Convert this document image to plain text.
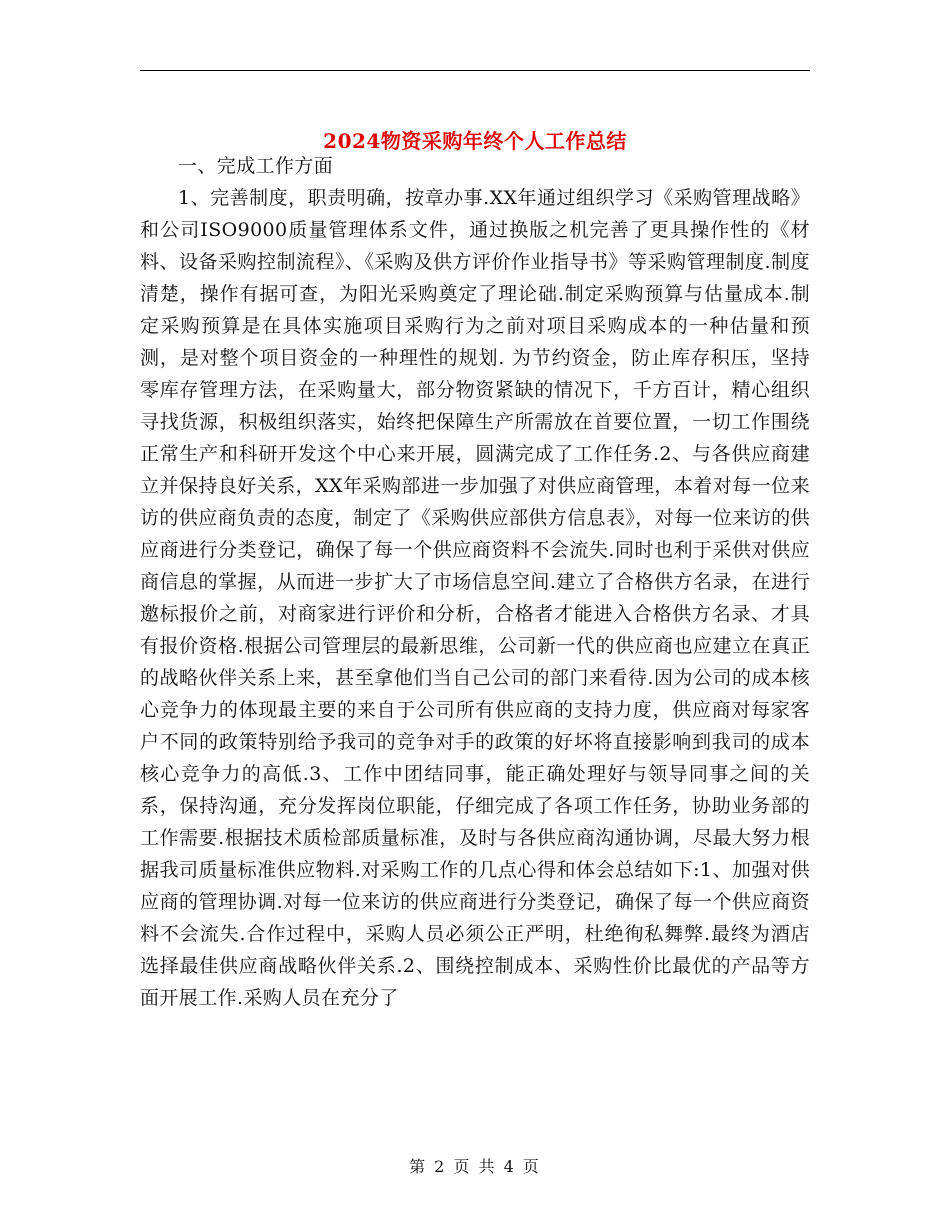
2024物资采购年终个人工作总结

一、完成工作方面

1、完善制度，职责明确，按章办事.XX年通过组织学习《采购管理战略》和公司ISO9000质量管理体系文件，通过换版之机完善了更具操作性的《材料、设备采购控制流程》、《采购及供方评价作业指导书》等采购管理制度.制度清楚，操作有据可查，为阳光采购奠定了理论础.制定采购预算与估量成本.制定采购预算是在具体实施项目采购行为之前对项目采购成本的一种估量和预测，是对整个项目资金的一种理性的规划. 为节约资金，防止库存积压，坚持零库存管理方法，在采购量大，部分物资紧缺的情况下，千方百计，精心组织寻找货源，积极组织落实，始终把保障生产所需放在首要位置，一切工作围绕正常生产和科研开发这个中心来开展，圆满完成了工作任务.2、与各供应商建立并保持良好关系，XX年采购部进一步加强了对供应商管理，本着对每一位来访的供应商负责的态度，制定了《采购供应部供方信息表》，对每一位来访的供应商进行分类登记，确保了每一个供应商资料不会流失.同时也利于采供对供应商信息的掌握，从而进一步扩大了市场信息空间.建立了合格供方名录，在进行邀标报价之前，对商家进行评价和分析，合格者才能进入合格供方名录、才具有报价资格.根据公司管理层的最新思维，公司新一代的供应商也应建立在真正的战略伙伴关系上来，甚至拿他们当自己公司的部门来看待.因为公司的成本核心竞争力的体现最主要的来自于公司所有供应商的支持力度，供应商对每家客户不同的政策特别给予我司的竞争对手的政策的好坏将直接影响到我司的成本核心竞争力的高低.3、工作中团结同事，能正确处理好与领导同事之间的关系，保持沟通，充分发挥岗位职能，仔细完成了各项工作任务，协助业务部的工作需要.根据技术质检部质量标准，及时与各供应商沟通协调，尽最大努力根据我司质量标准供应物料.对采购工作的几点心得和体会总结如下:1、加强对供应商的管理协调.对每一位来访的供应商进行分类登记，确保了每一个供应商资料不会流失.合作过程中，采购人员必须公正严明，杜绝徇私舞弊.最终为酒店选择最佳供应商战略伙伴关系.2、围绕控制成本、采购性价比最优的产品等方面开展工作.采购人员在充分了

第 2 页 共 4 页
